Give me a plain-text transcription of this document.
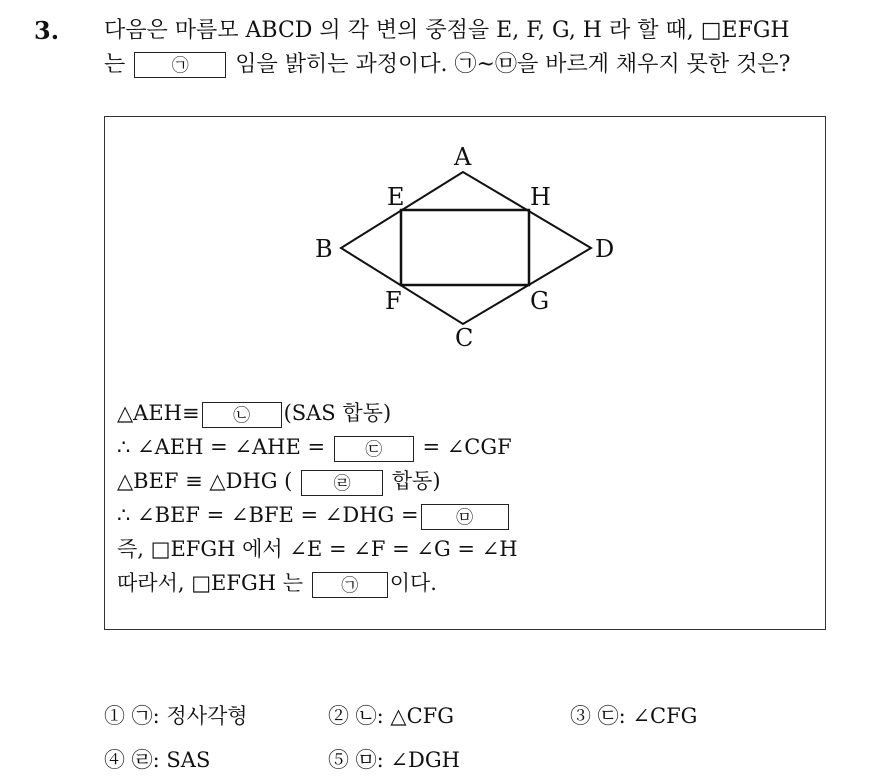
3. 다음은 마름모 ABCD 의 각 변의 중점을 E, F, G, H 라 할 때, □EFGH
는	㉠ 임을 밝히는 과정이다. ㉠~㉤을 바르게 채우지 못한 것은?
A
B
C
D
E
F	G
H
△AEH≡ ㉡ (SAS 합동)
∴ ∠AEH = ∠AHE = ㉢ = ∠CGF
△BEF ≡ △DHG ( ㉣ 합동)
∴ ∠BEF = ∠BFE = ∠DHG = ㉤
즉, □EFGH 에서 ∠E = ∠F = ∠G = ∠H
따라서, □EFGH 는 ㉠ 이다.
① ㉠: 정사각형	② ㉡: △CFG	③ ㉢: ∠CFG
④ ㉣: SAS	⑤ ㉤: ∠DGH
